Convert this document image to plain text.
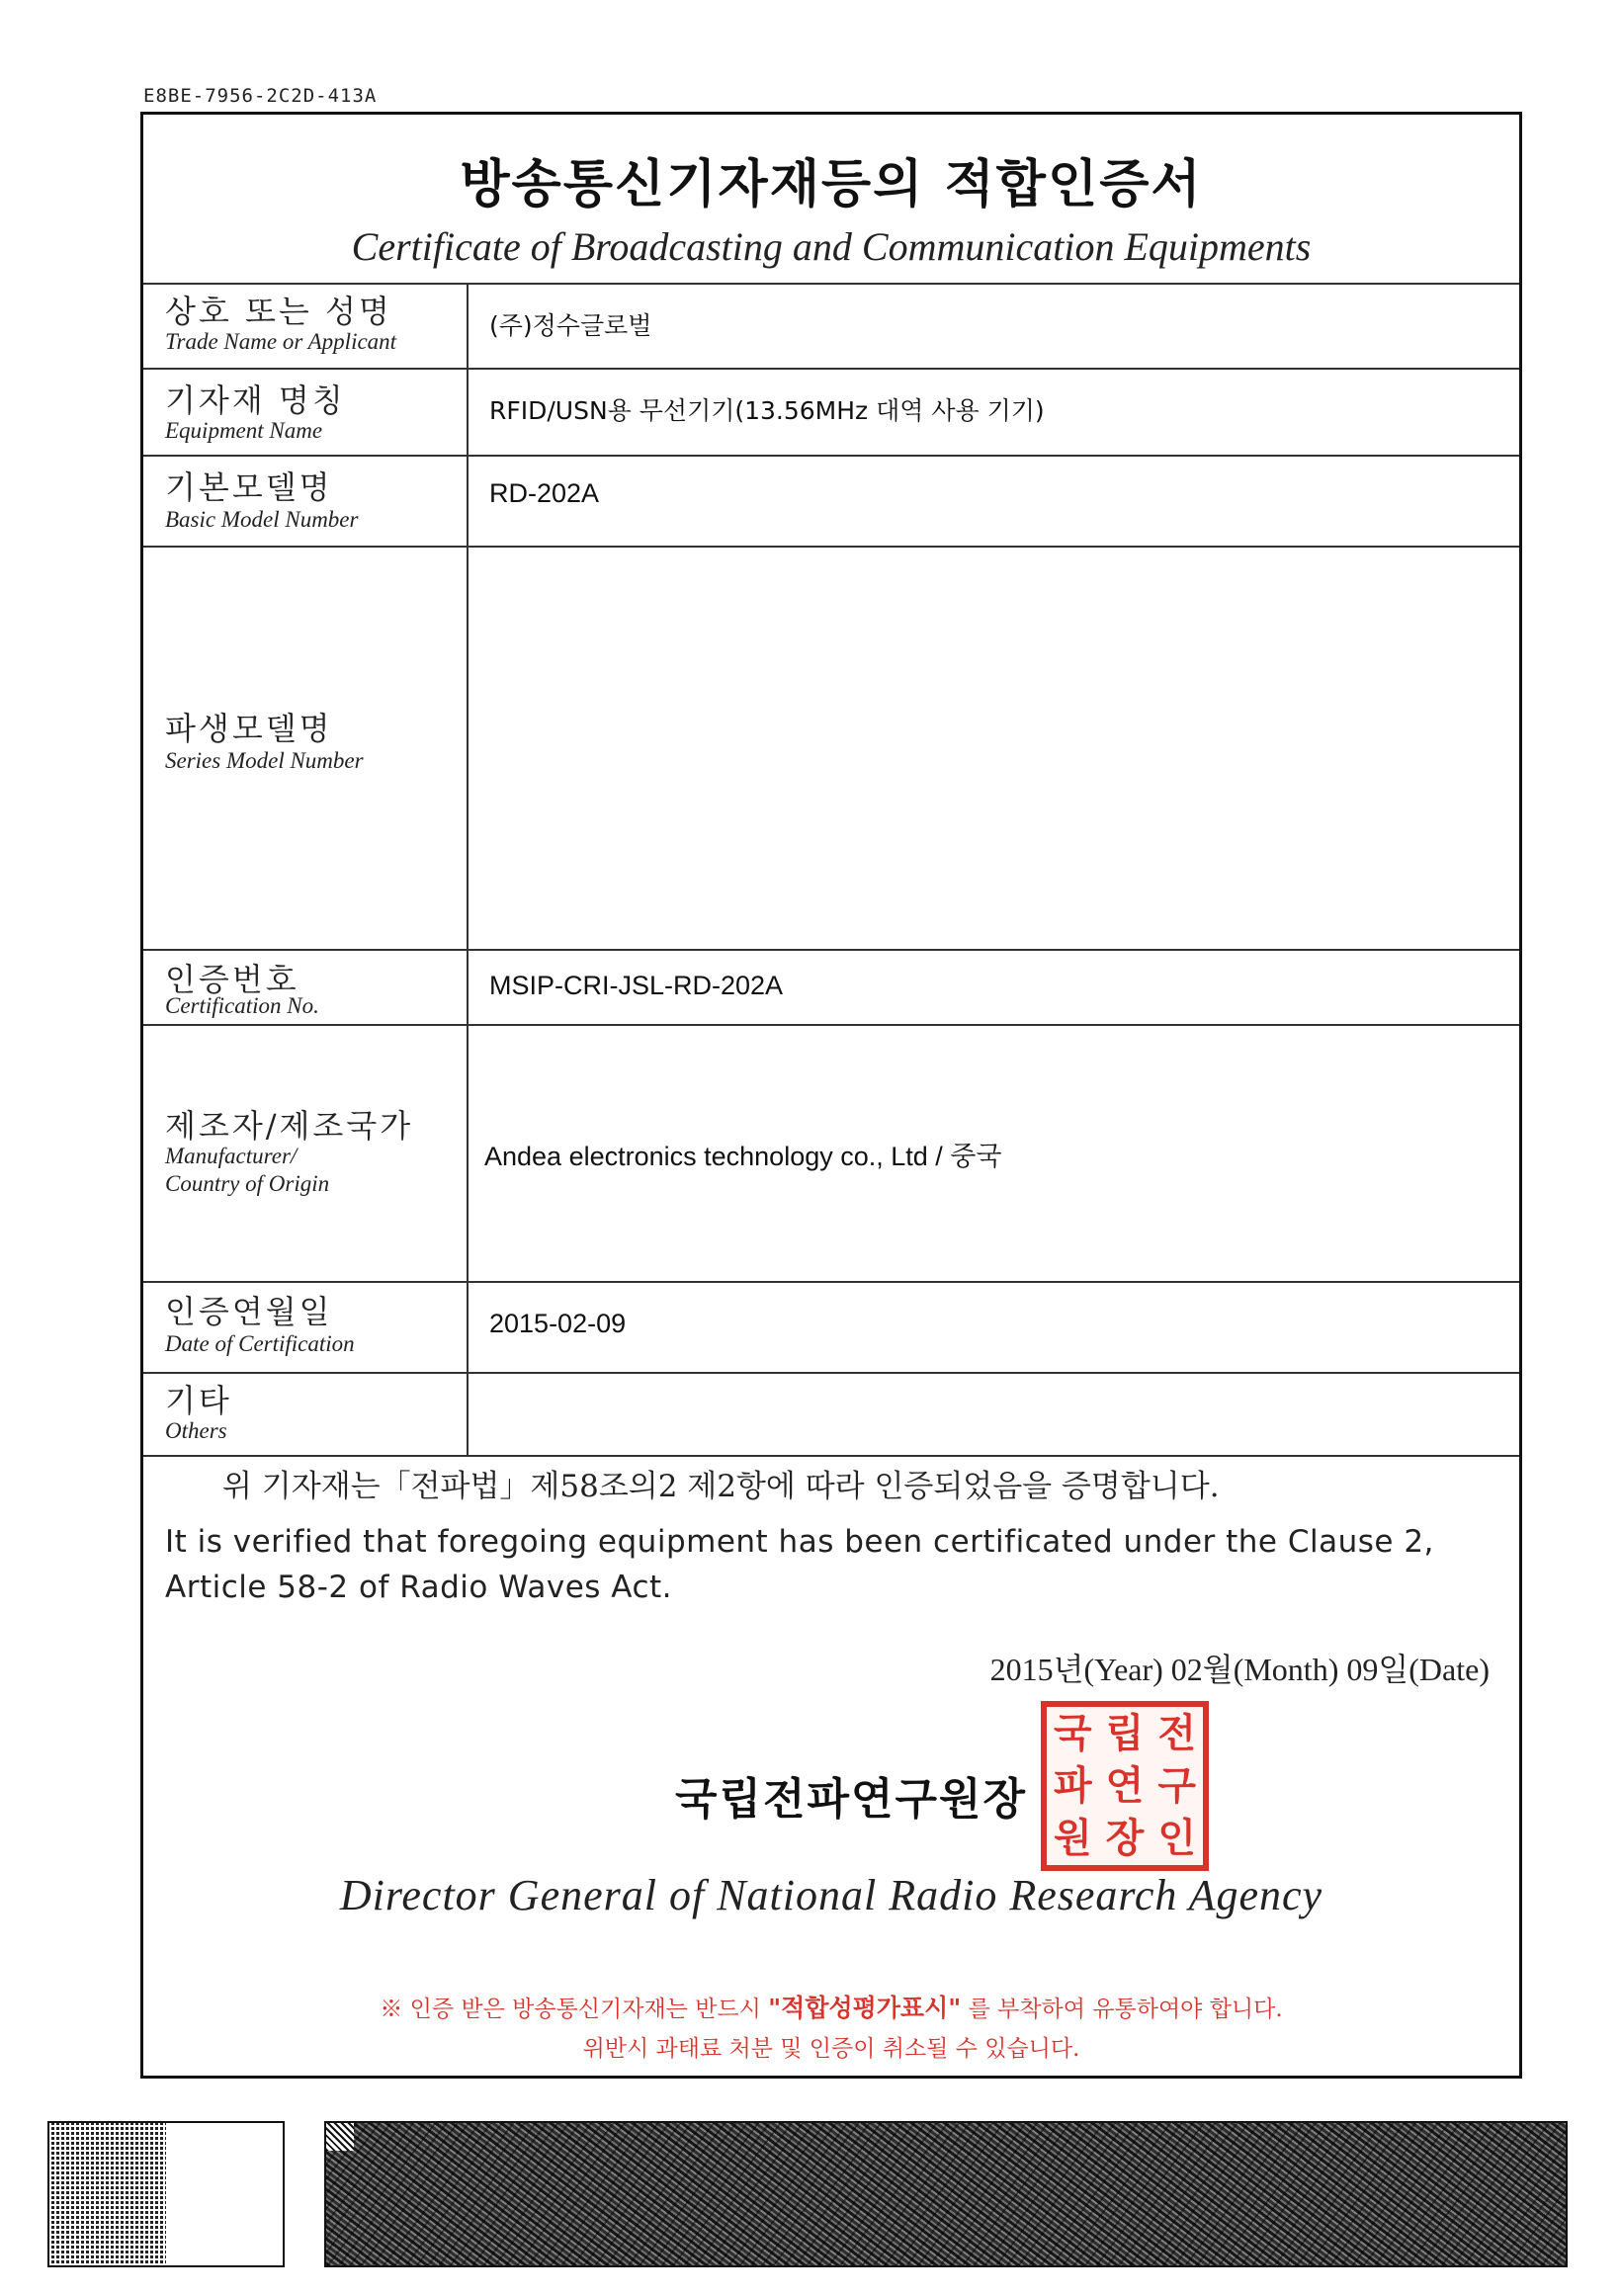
E8BE-7956-2C2D-413A
방송통신기자재등의 적합인증서
Certificate of Broadcasting and Communication Equipments
상호 또는 성명
Trade Name or Applicant
(주)정수글로벌
기자재 명칭
Equipment Name
RFID/USN용 무선기기(13.56MHz 대역 사용 기기)
기본모델명
Basic Model Number
RD-202A
파생모델명
Series Model Number
인증번호
Certification No.
MSIP-CRI-JSL-RD-202A
제조자/제조국가
Manufacturer/
Country of Origin
Andea electronics technology co., Ltd / 중국
인증연월일
Date of Certification
2015-02-09
기타
Others
위 기자재는「전파법」제58조의2 제2항에 따라 인증되었음을 증명합니다.
It is verified that foregoing equipment has been certificated under the Clause 2, Article 58-2 of Radio Waves Act.
2015년(Year) 02월(Month) 09일(Date)
국립전파연구원장
국 립 전
파 연 구
원 장 인
Director General of National Radio Research Agency
※ 인증 받은 방송통신기자재는 반드시 "적합성평가표시" 를 부착하여 유통하여야 합니다.
위반시 과태료 처분 및 인증이 취소될 수 있습니다.
